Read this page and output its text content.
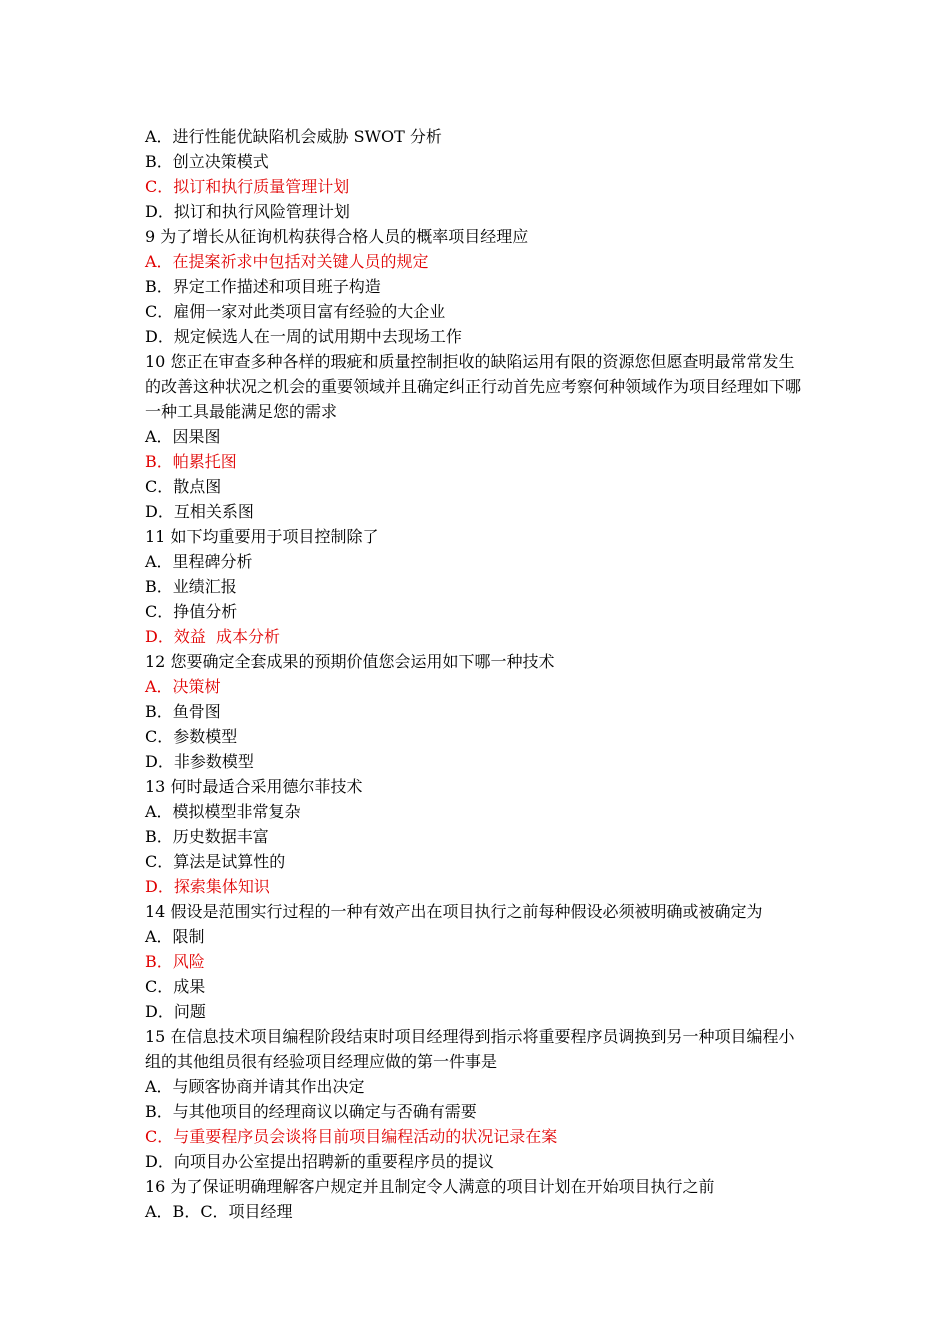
A．进行性能优缺陷机会威胁 SWOT 分析

B．创立决策模式

C．拟订和执行质量管理计划

D．拟订和执行风险管理计划

9 为了增长从征询机构获得合格人员的概率项目经理应

A．在提案祈求中包括对关键人员的规定

B．界定工作描述和项目班子构造

C．雇佣一家对此类项目富有经验的大企业

D．规定候选人在一周的试用期中去现场工作

10 您正在审查多种各样的瑕疵和质量控制拒收的缺陷运用有限的资源您但愿查明最常常发生的改善这种状况之机会的重要领域并且确定纠正行动首先应考察何种领域作为项目经理如下哪一种工具最能满足您的需求

A．因果图

B．帕累托图

C．散点图

D．互相关系图

11 如下均重要用于项目控制除了

A．里程碑分析

B．业绩汇报

C．挣值分析

D．效益  成本分析

12 您要确定全套成果的预期价值您会运用如下哪一种技术

A．决策树

B．鱼骨图

C．参数模型

D．非参数模型

13 何时最适合采用德尔菲技术

A．模拟模型非常复杂

B．历史数据丰富

C．算法是试算性的

D．探索集体知识

14 假设是范围实行过程的一种有效产出在项目执行之前每种假设必须被明确或被确定为

A．限制

B．风险

C．成果

D．问题

15 在信息技术项目编程阶段结束时项目经理得到指示将重要程序员调换到另一种项目编程小组的其他组员很有经验项目经理应做的第一件事是

A．与顾客协商并请其作出决定

B．与其他项目的经理商议以确定与否确有需要

C．与重要程序员会谈将目前项目编程活动的状况记录在案

D．向项目办公室提出招聘新的重要程序员的提议

16 为了保证明确理解客户规定并且制定令人满意的项目计划在开始项目执行之前

A．B．C．项目经理
